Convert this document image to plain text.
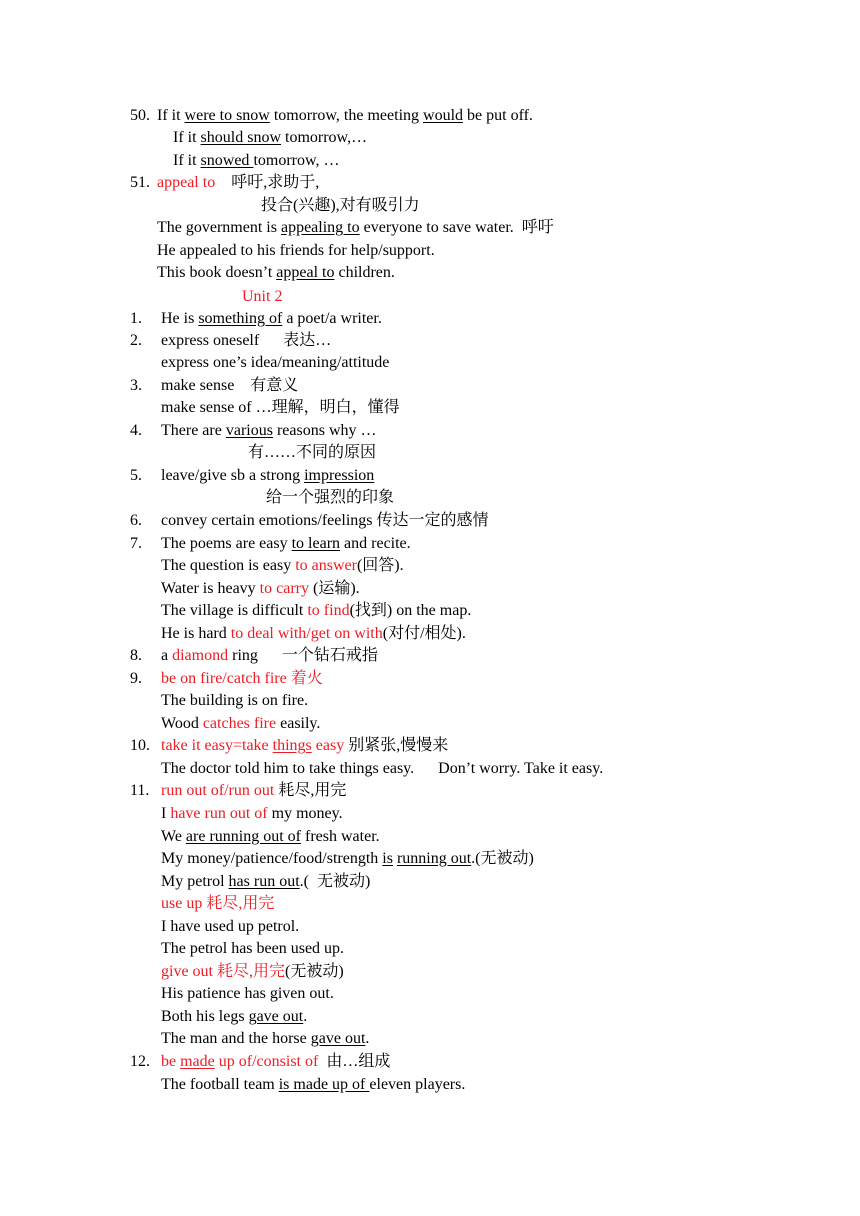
50. If it were to snow tomorrow, the meeting would be put off.
If it should snow tomorrow,…
If it snowed tomorrow, …
51. appeal to    呼吁,求助于,
投合(兴趣),对有吸引力
The government is appealing to everyone to save water.  呼吁
He appealed to his friends for help/support.
This book doesn’t appeal to children.
Unit 2
1. He is something of a poet/a writer.
2. express oneself      表达…
express one’s idea/meaning/attitude
3. make sense    有意义
make sense of …理解，明白，懂得
4. There are various reasons why …
有……不同的原因
5. leave/give sb a strong impression
给一个强烈的印象
6. convey certain emotions/feelings 传达一定的感情
7. The poems are easy to learn and recite.
The question is easy to answer(回答).
Water is heavy to carry (运输).
The village is difficult to find(找到) on the map.
He is hard to deal with/get on with(对付/相处).
8. a diamond ring      一个钻石戒指
9. be on fire/catch fire 着火
The building is on fire.
Wood catches fire easily.
10. take it easy=take things easy 别紧张,慢慢来
The doctor told him to take things easy.      Don’t worry. Take it easy.
11. run out of/run out 耗尽,用完
I have run out of my money.
We are running out of fresh water.
My money/patience/food/strength is running out.(无被动)
My petrol has run out.(  无被动)
use up 耗尽,用完
I have used up petrol.
The petrol has been used up.
give out 耗尽,用完(无被动)
His patience has given out.
Both his legs gave out.
The man and the horse gave out.
12. be made up of/consist of  由…组成
The football team is made up of eleven players.
